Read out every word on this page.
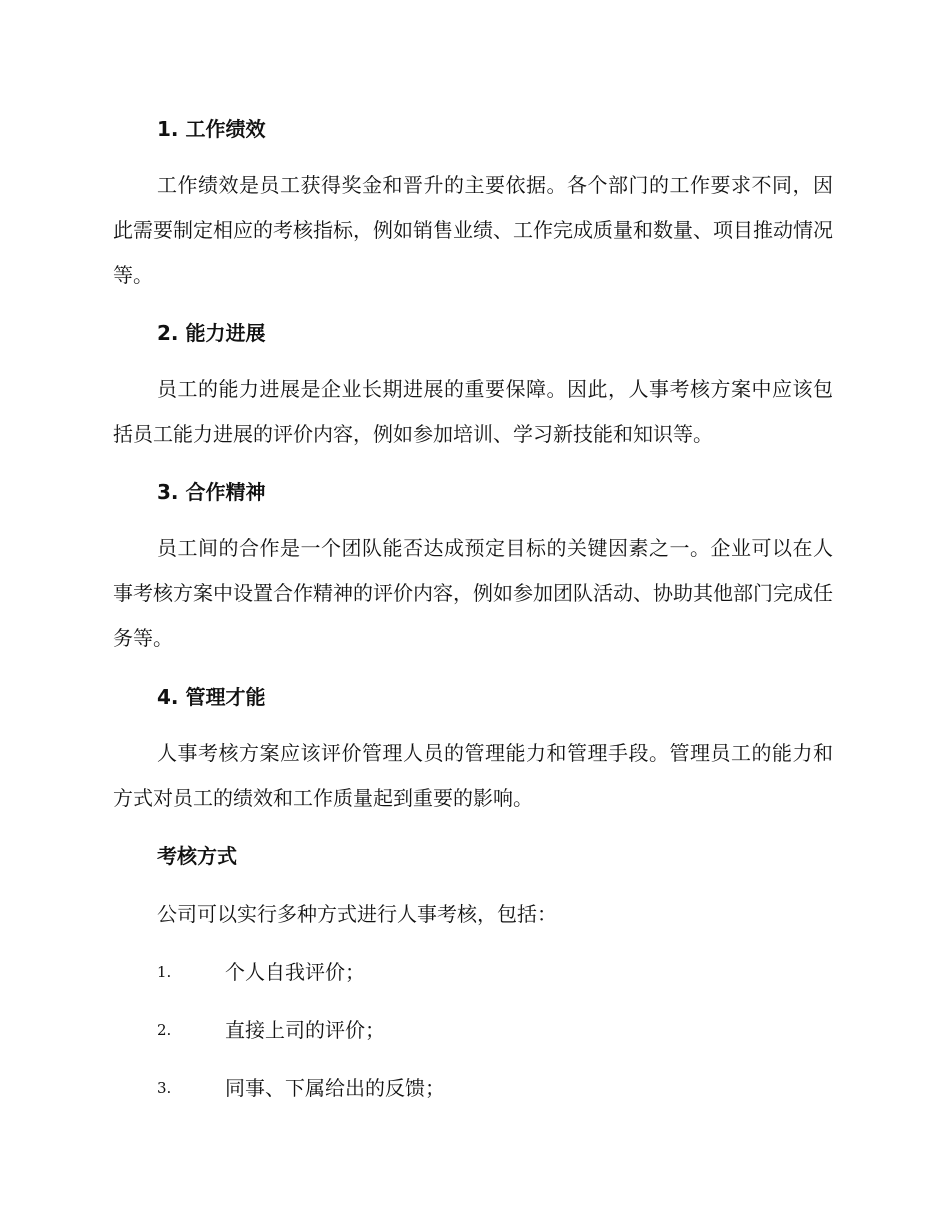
1. 工作绩效

工作绩效是员工获得奖金和晋升的主要依据。各个部门的工作要求不同，因此需要制定相应的考核指标，例如销售业绩、工作完成质量和数量、项目推动情况等。

2. 能力进展

员工的能力进展是企业长期进展的重要保障。因此，人事考核方案中应该包括员工能力进展的评价内容，例如参加培训、学习新技能和知识等。

3. 合作精神

员工间的合作是一个团队能否达成预定目标的关键因素之一。企业可以在人事考核方案中设置合作精神的评价内容，例如参加团队活动、协助其他部门完成任务等。

4. 管理才能

人事考核方案应该评价管理人员的管理能力和管理手段。管理员工的能力和方式对员工的绩效和工作质量起到重要的影响。

考核方式

公司可以实行多种方式进行人事考核，包括：

1.	个人自我评价；
2.	直接上司的评价；
3.	同事、下属给出的反馈；
